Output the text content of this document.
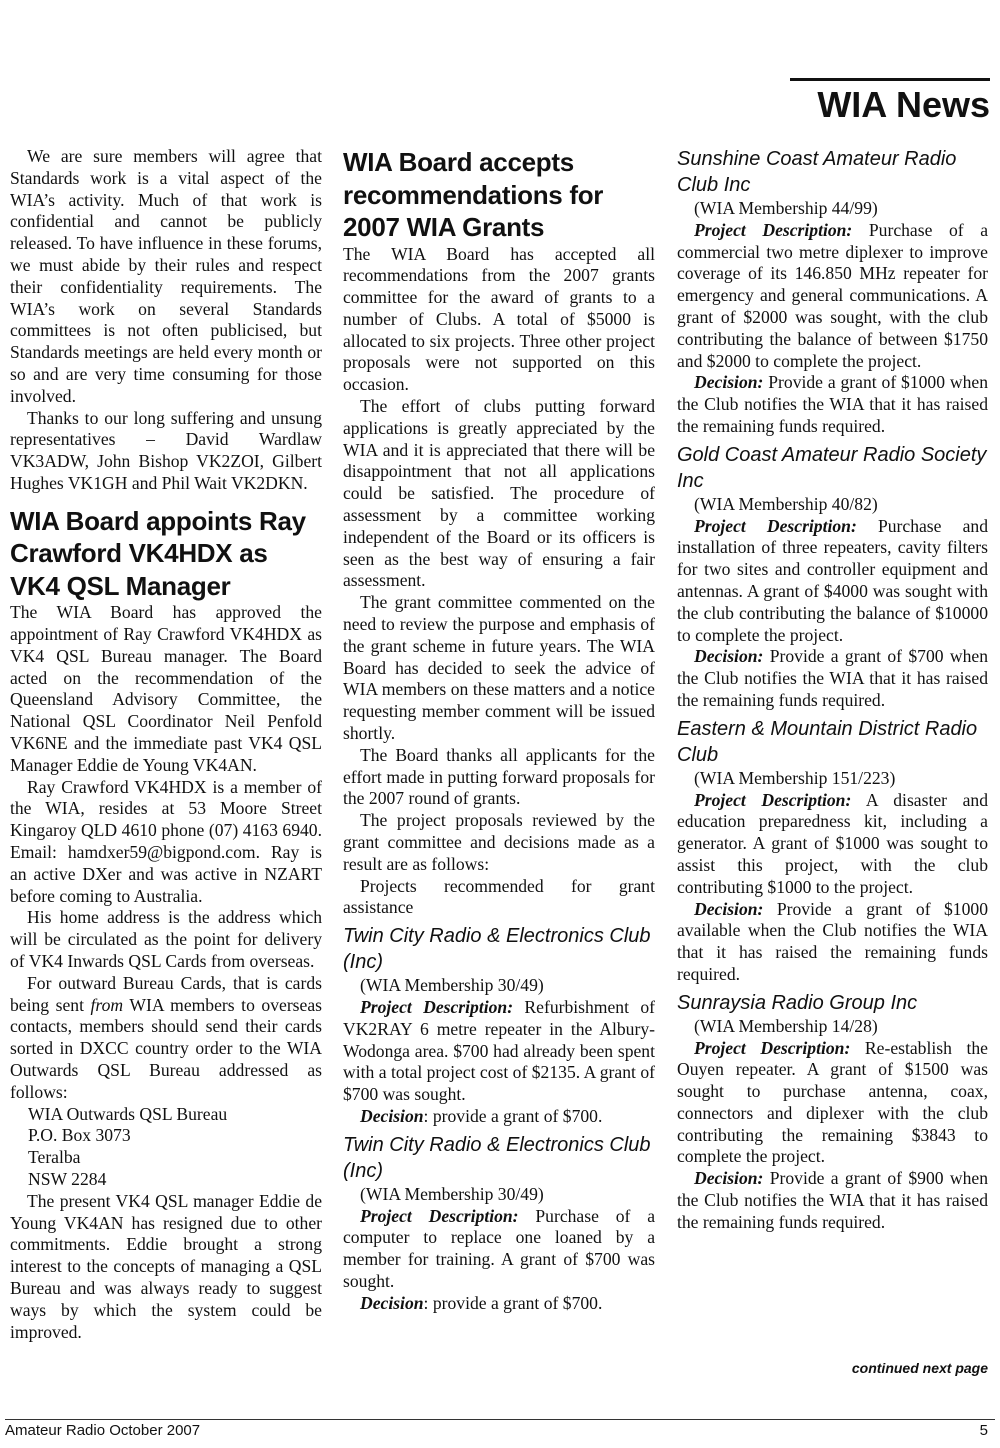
WIA News

We are sure members will agree that Standards work is a vital aspect of the WIA’s activity. Much of that work is confidential and cannot be publicly released. To have influence in these forums, we must abide by their rules and respect their confidentiality requirements. The WIA’s work on several Standards committees is not often publicised, but Standards meetings are held every month or so and are very time consuming for those involved.

Thanks to our long suffering and unsung representatives – David Wardlaw VK3ADW, John Bishop VK2ZOI, Gilbert Hughes VK1GH and Phil Wait VK2DKN.

WIA Board appoints Ray Crawford VK4HDX as VK4 QSL Manager

The WIA Board has approved the appointment of Ray Crawford VK4HDX as VK4 QSL Bureau manager. The Board acted on the recommendation of the Queensland Advisory Committee, the National QSL Coordinator Neil Penfold VK6NE and the immediate past VK4 QSL Manager Eddie de Young VK4AN.

Ray Crawford VK4HDX is a member of the WIA, resides at 53 Moore Street Kingaroy QLD 4610 phone (07) 4163 6940. Email: hamdxer59@bigpond.com. Ray is an active DXer and was active in NZART before coming to Australia.

His home address is the address which will be circulated as the point for delivery of VK4 Inwards QSL Cards from overseas.

For outward Bureau Cards, that is cards being sent from WIA members to overseas contacts, members should send their cards sorted in DXCC country order to the WIA Outwards QSL Bureau addressed as follows:

WIA Outwards QSL Bureau

P.O. Box 3073

Teralba

NSW 2284

The present VK4 QSL manager Eddie de Young VK4AN has resigned due to other commitments. Eddie brought a strong interest to the concepts of managing a QSL Bureau and was always ready to suggest ways by which the system could be improved.

WIA Board accepts recommendations for 2007 WIA Grants

The WIA Board has accepted all recommendations from the 2007 grants committee for the award of grants to a number of Clubs. A total of $5000 is allocated to six projects. Three other project proposals were not supported on this occasion.

The effort of clubs putting forward applications is greatly appreciated by the WIA and it is appreciated that there will be disappointment that not all applications could be satisfied. The procedure of assessment by a committee working independent of the Board or its officers is seen as the best way of ensuring a fair assessment.

The grant committee commented on the need to review the purpose and emphasis of the grant scheme in future years. The WIA Board has decided to seek the advice of WIA members on these matters and a notice requesting member comment will be issued shortly.

The Board thanks all applicants for the effort made in putting forward proposals for the 2007 round of grants.

The project proposals reviewed by the grant committee and decisions made as a result are as follows:

Projects recommended for grant assistance

Twin City Radio & Electronics Club (Inc)

(WIA Membership 30/49)

Project Description: Refurbishment of VK2RAY 6 metre repeater in the Albury-Wodonga area. $700 had already been spent with a total project cost of $2135. A grant of $700 was sought.

Decision: provide a grant of $700.

Twin City Radio & Electronics Club (Inc)

(WIA Membership 30/49)

Project Description: Purchase of a computer to replace one loaned by a member for training. A grant of $700 was sought.

Decision: provide a grant of $700.

Sunshine Coast Amateur Radio Club Inc

(WIA Membership 44/99)

Project Description: Purchase of a commercial two metre diplexer to improve coverage of its 146.850 MHz repeater for emergency and general communications. A grant of $2000 was sought, with the club contributing the balance of between $1750 and $2000 to complete the project.

Decision: Provide a grant of $1000 when the Club notifies the WIA that it has raised the remaining funds required.

Gold Coast Amateur Radio Society Inc

(WIA Membership 40/82)

Project Description: Purchase and installation of three repeaters, cavity filters for two sites and controller equipment and antennas. A grant of $4000 was sought with the club contributing the balance of $10000 to complete the project.

Decision: Provide a grant of $700 when the Club notifies the WIA that it has raised the remaining funds required.

Eastern & Mountain District Radio Club

(WIA Membership 151/223)

Project Description: A disaster and education preparedness kit, including a generator. A grant of $1000 was sought to assist this project, with the club contributing $1000 to the project.

Decision: Provide a grant of $1000 available when the Club notifies the WIA that it has raised the remaining funds required.

Sunraysia Radio Group Inc

(WIA Membership 14/28)

Project Description: Re-establish the Ouyen repeater. A grant of $1500 was sought to purchase antenna, coax, connectors and diplexer with the club contributing the remaining $3843 to complete the project.

Decision: Provide a grant of $900 when the Club notifies the WIA that it has raised the remaining funds required.

continued next page
Amateur Radio October 2007	5
